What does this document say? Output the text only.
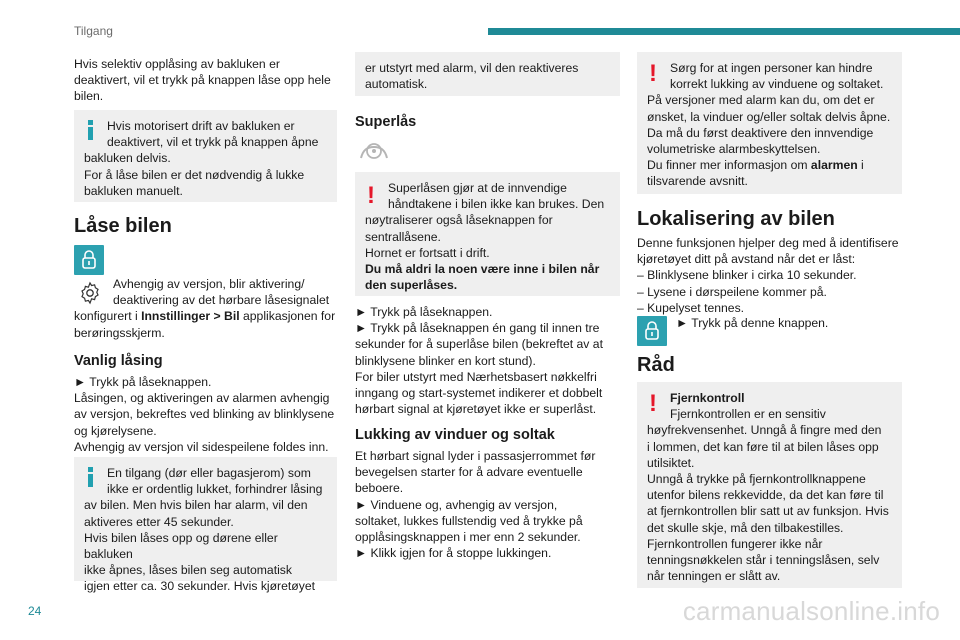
Tilgang
Hvis selektiv opplåsing av bakluken er
deaktivert, vil et trykk på knappen låse opp hele
bilen.
Hvis motorisert drift av bakluken er
deaktivert, vil et trykk på knappen åpne
bakluken delvis.
For å låse bilen er det nødvendig å lukke
bakluken manuelt.
Låse bilen
Avhengig av versjon, blir aktivering/
deaktivering av det hørbare låsesignalet
konfigurert i Innstillinger > Bil applikasjonen for
berøringsskjerm.
Vanlig låsing
► Trykk på låseknappen.
Låsingen, og aktiveringen av alarmen avhengig
av versjon, bekreftes ved blinking av blinklysene
og kjørelysene.
Avhengig av versjon vil sidespeilene foldes inn.
En tilgang (dør eller bagasjerom) som
ikke er ordentlig lukket, forhindrer låsing
av bilen. Men hvis bilen har alarm, vil den
aktiveres etter 45 sekunder.
Hvis bilen låses opp og dørene eller bakluken
ikke åpnes, låses bilen seg automatisk
igjen etter ca. 30 sekunder. Hvis kjøretøyet
er utstyrt med alarm, vil den reaktiveres
automatisk.
Superlås
!	Superlåsen gjør at de innvendige
håndtakene i bilen ikke kan brukes. Den
nøytraliserer også låseknappen for
sentrallåsene.
Hornet er fortsatt i drift.
Du må aldri la noen være inne i bilen når
den superlåses.
► Trykk på låseknappen.
► Trykk på låseknappen én gang til innen tre
sekunder for å superlåse bilen (bekreftet av at
blinklysene blinker en kort stund).
For biler utstyrt med Nærhetsbasert nøkkelfri
inngang og start-systemet indikerer et dobbelt
hørbart signal at kjøretøyet ikke er superlåst.
Lukking av vinduer og soltak
Et hørbart signal lyder i passasjerrommet før
bevegelsen starter for å advare eventuelle
beboere.
► Vinduene og, avhengig av versjon,
soltaket, lukkes fullstendig ved å trykke på
opplåsingsknappen i mer enn 2 sekunder.
► Klikk igjen for å stoppe lukkingen.
!	Sørg for at ingen personer kan hindre
korrekt lukking av vinduene og soltaket.
På versjoner med alarm kan du, om det er
ønsket, la vinduer og/eller soltak delvis åpne.
Da må du først deaktivere den innvendige
volumetriske alarmbeskyttelsen.
Du finner mer informasjon om alarmen i
tilsvarende avsnitt.
Lokalisering av bilen
Denne funksjonen hjelper deg med å identifisere
kjøretøyet ditt på avstand når det er låst:
– Blinklysene blinker i cirka 10 sekunder.
– Lysene i dørspeilene kommer på.
– Kupelyset tennes.
► Trykk på denne knappen.
Råd
!	Fjernkontroll
Fjernkontrollen er en sensitiv
høyfrekvensenhet. Unngå å fingre med den
i lommen, det kan føre til at bilen låses opp
utilsiktet.
Unngå å trykke på fjernkontrollknappene
utenfor bilens rekkevidde, da det kan føre til
at fjernkontrollen blir satt ut av funksjon. Hvis
det skulle skje, må den tilbakestilles.
Fjernkontrollen fungerer ikke når
tenningsnøkkelen står i tenningslåsen, selv
når tenningen er slått av.
24	carmanualsonline.info
